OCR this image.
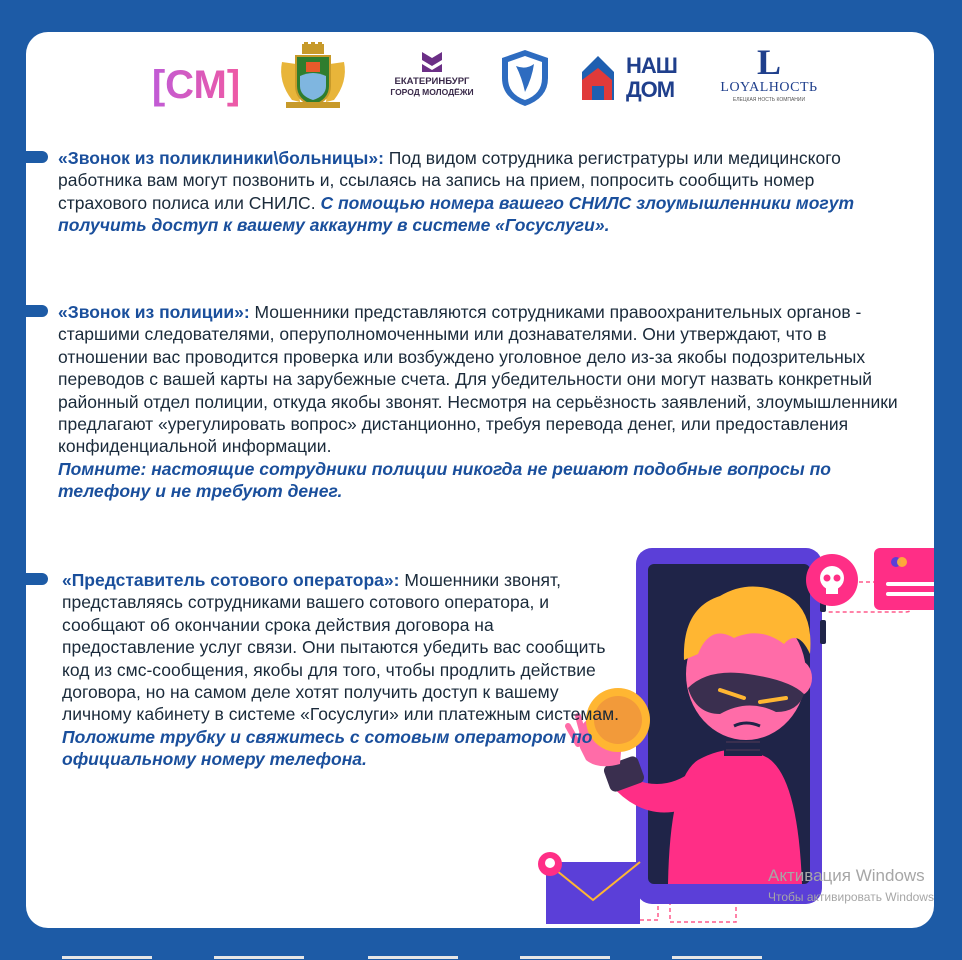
[СМ]	ЕКАТЕРИНБУРГ
ГОРОД МОЛОДЁЖИ
НАШ
ДОМ
L
LOYALНОСТЬ
ЕЛЕЦКАЯ НОСТЬ КОМПАНИИ
«Звонок из поликлиники\больницы»: Под видом сотрудника регистратуры или медицинского работника вам могут позвонить и, ссылаясь на запись на прием, попросить сообщить номер страхового полиса или СНИЛС. С помощью номера вашего СНИЛС злоумышленники могут получить доступ к вашему аккаунту в системе «Госуслуги».
«Звонок из полиции»: Мошенники представляются сотрудниками правоохранительных органов - старшими следователями, оперуполномоченными или дознавателями. Они утверждают, что в отношении вас проводится проверка или возбуждено уголовное дело из-за якобы подозрительных переводов с вашей карты на зарубежные счета. Для убедительности они могут назвать конкретный районный отдел полиции, откуда якобы звонят. Несмотря на серьёзность заявлений, злоумышленники предлагают «урегулировать вопрос» дистанционно, требуя перевода денег, или предоставления конфиденциальной информации.
Помните: настоящие сотрудники полиции никогда не решают подобные вопросы по телефону и не требуют денег.
«Представитель сотового оператора»: Мошенники звонят, представляясь сотрудниками вашего сотового оператора, и сообщают об окончании срока действия договора на предоставление услуг связи. Они пытаются убедить вас сообщить код из смс-сообщения, якобы для того, чтобы продлить действие договора, но на самом деле хотят получить доступ к вашему личному кабинету в системе «Госуслуги» или платежным системам.
Положите трубку и свяжитесь с сотовым оператором по официальному номеру телефона.
Активация Windows
Чтобы активировать Windows
